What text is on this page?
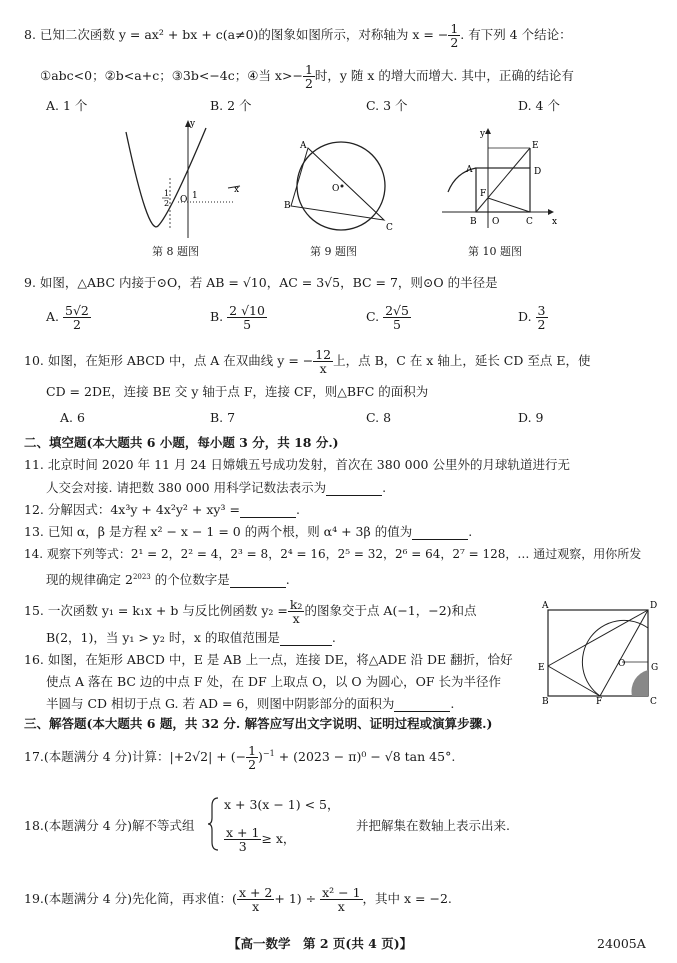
8. 已知二次函数 y = ax² + bx + c(a≠0)的图象如图所示，对称轴为 x = − $\frac{1}{2}$ . 有下列 4 个结论：
①abc<0；②b<a+c；③3b<−4c；④当 $x>- \frac{1}{2}$ 时，y 随 x 的增大而增大. 其中，正确的结论有
A. 1 个	B. 2 个	C. 3 个	D. 4 个
y
x
O 1
1
2
第 8 题图
A
B
C
O
第 9 题图
y
x
A
B	C
D
E
F
O
第 10 题图
9. 如图，△ABC 内接于⊙O，若 AB = √10，AC = 3√5，BC = 7，则⊙O 的半径是
A. $\frac{5√2}{2}$	B. $\frac{2 √10}{5}$	C. $\frac{2√5}{5}$	D. $\frac{3}{2}$
10. 如图，在矩形 ABCD 中，点 A 在双曲线 y = − $\frac{12}{x}$ 上，点 B，C 在 x 轴上，延长 CD 至点 E，使
CD = 2DE，连接 BE 交 y 轴于点 F，连接 CF，则△BFC 的面积为
A. 6	B. 7	C. 8	D. 9
二、填空题(本大题共 6 小题，每小题 3 分，共 18 分.)
11. 北京时间 2020 年 11 月 24 日嫦娥五号成功发射，首次在 380 000 公里外的月球轨道进行无
人交会对接. 请把数 380 000 用科学记数法表示为	.
12. 分解因式：4x³y + 4x²y² + xy³ =	.
13. 已知 α，β 是方程 x² − x − 1 = 0 的两个根，则 α⁴ + 3β 的值为	.
14. 观察下列等式：2¹ = 2，2² = 4，2³ = 8，2⁴ = 16，2⁵ = 32，2⁶ = 64，2⁷ = 128，… 通过观察，用你所发
现的规律确定 $2^{2023}$ 的个位数字是	.
15. 一次函数 y₁ = k₁x + b 与反比例函数 $y_2 = \frac{\text{k₂}}{x}$ 的图象交于点 A(−1，−2)和点
B(2，1)，当 y₁ > y₂ 时，x 的取值范围是	.
16. 如图，在矩形 ABCD 中，E 是 AB 上一点，连接 DE，将△ADE 沿 DE 翻折，恰好
使点 A 落在 BC 边的中点 F 处，在 DF 上取点 O，以 O 为圆心，OF 长为半径作
半圆与 CD 相切于点 G. 若 AD = 6，则图中阴影部分的面积为	.
A	D
E
B	F	C
G
O
三、解答题(本大题共 6 题，共 32 分. 解答应写出文字说明、证明过程或演算步骤.)
17.(本题满分 4 分)计算：|+2√2| + (− $\frac{1}{2} )^{-1} + (2023 - \pi)^0 - √8$ tan 45°.
18.(本题满分 4 分)解不等式组
x + 3(x − 1) < 5，
$\frac{x + 1}{3} \ge x$，
并把解集在数轴上表示出来.
19.(本题满分 4 分)先化简，再求值：( $\frac{x + 2}{x} + 1) \div \frac{\text{x² − 1}}{x}$ ，其中 x = −2.
【高一数学　第 2 页(共 4 页)】	24005A
